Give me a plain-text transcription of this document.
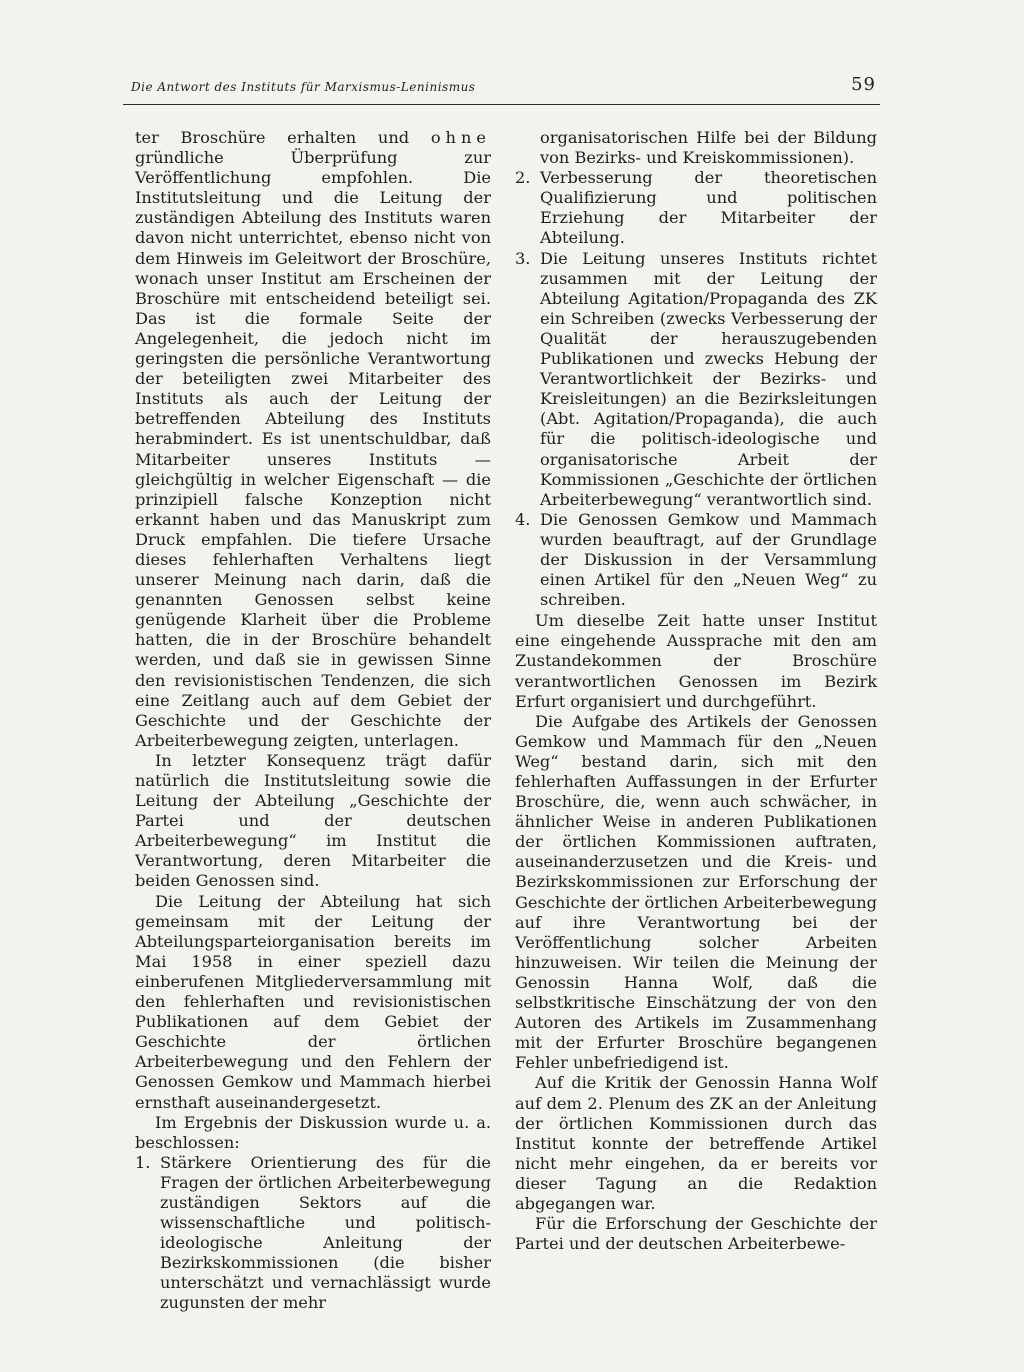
Die Antwort des Instituts für Marxismus-Leninismus	59

ter Broschüre erhalten und ohne gründliche Überprüfung zur Veröffentlichung empfohlen. Die Institutsleitung und die Leitung der zuständigen Abteilung des Instituts waren davon nicht unterrichtet, ebenso nicht von dem Hinweis im Geleitwort der Broschüre, wonach unser Institut am Erscheinen der Broschüre mit entscheidend beteiligt sei. Das ist die formale Seite der Angelegenheit, die jedoch nicht im geringsten die persönliche Verantwortung der beteiligten zwei Mitarbeiter des Instituts als auch der Leitung der betreffenden Abteilung des Instituts herabmindert. Es ist unentschuldbar, daß Mitarbeiter unseres Instituts — gleichgültig in welcher Eigenschaft — die prinzipiell falsche Konzeption nicht erkannt haben und das Manuskript zum Druck empfahlen. Die tiefere Ursache dieses fehlerhaften Verhaltens liegt unserer Meinung nach darin, daß die genannten Genossen selbst keine genügende Klarheit über die Probleme hatten, die in der Broschüre behandelt werden, und daß sie in gewissen Sinne den revisionistischen Tendenzen, die sich eine Zeitlang auch auf dem Gebiet der Geschichte und der Geschichte der Arbeiterbewegung zeigten, unterlagen.

In letzter Konsequenz trägt dafür natürlich die Institutsleitung sowie die Leitung der Abteilung „Geschichte der Partei und der deutschen Arbeiterbewegung“ im Institut die Verantwortung, deren Mitarbeiter die beiden Genossen sind.

Die Leitung der Abteilung hat sich gemeinsam mit der Leitung der Abteilungsparteiorganisation bereits im Mai 1958 in einer speziell dazu einberufenen Mitgliederversammlung mit den fehlerhaften und revisionistischen Publikationen auf dem Gebiet der Geschichte der örtlichen Arbeiterbewegung und den Fehlern der Genossen Gemkow und Mammach hierbei ernsthaft auseinandergesetzt.

Im Ergebnis der Diskussion wurde u. a. beschlossen:

1. Stärkere Orientierung des für die Fragen der örtlichen Arbeiterbewegung zuständigen Sektors auf die wissenschaftliche und politisch-ideologische Anleitung der Bezirkskommissionen (die bisher unterschätzt und vernachlässigt wurde zugunsten der mehr
organisatorischen Hilfe bei der Bildung von Bezirks- und Kreiskommissionen).
2. Verbesserung der theoretischen Qualifizierung und politischen Erziehung der Mitarbeiter der Abteilung.
3. Die Leitung unseres Instituts richtet zusammen mit der Leitung der Abteilung Agitation/Propaganda des ZK ein Schreiben (zwecks Verbesserung der Qualität der herauszugebenden Publikationen und zwecks Hebung der Verantwortlichkeit der Bezirks- und Kreisleitungen) an die Bezirksleitungen (Abt. Agitation/Propaganda), die auch für die politisch-ideologische und organisatorische Arbeit der Kommissionen „Geschichte der örtlichen Arbeiterbewegung“ verantwortlich sind.
4. Die Genossen Gemkow und Mammach wurden beauftragt, auf der Grundlage der Diskussion in der Versammlung einen Artikel für den „Neuen Weg“ zu schreiben.

Um dieselbe Zeit hatte unser Institut eine eingehende Aussprache mit den am Zustandekommen der Broschüre verantwortlichen Genossen im Bezirk Erfurt organisiert und durchgeführt.

Die Aufgabe des Artikels der Genossen Gemkow und Mammach für den „Neuen Weg“ bestand darin, sich mit den fehlerhaften Auffassungen in der Erfurter Broschüre, die, wenn auch schwächer, in ähnlicher Weise in anderen Publikationen der örtlichen Kommissionen auftraten, auseinanderzusetzen und die Kreis- und Bezirkskommissionen zur Erforschung der Geschichte der örtlichen Arbeiterbewegung auf ihre Verantwortung bei der Veröffentlichung solcher Arbeiten hinzuweisen. Wir teilen die Meinung der Genossin Hanna Wolf, daß die selbstkritische Einschätzung der von den Autoren des Artikels im Zusammenhang mit der Erfurter Broschüre begangenen Fehler unbefriedigend ist.

Auf die Kritik der Genossin Hanna Wolf auf dem 2. Plenum des ZK an der Anleitung der örtlichen Kommissionen durch das Institut konnte der betreffende Artikel nicht mehr eingehen, da er bereits vor dieser Tagung an die Redaktion abgegangen war.

Für die Erforschung der Geschichte der Partei und der deutschen Arbeiterbewe-
